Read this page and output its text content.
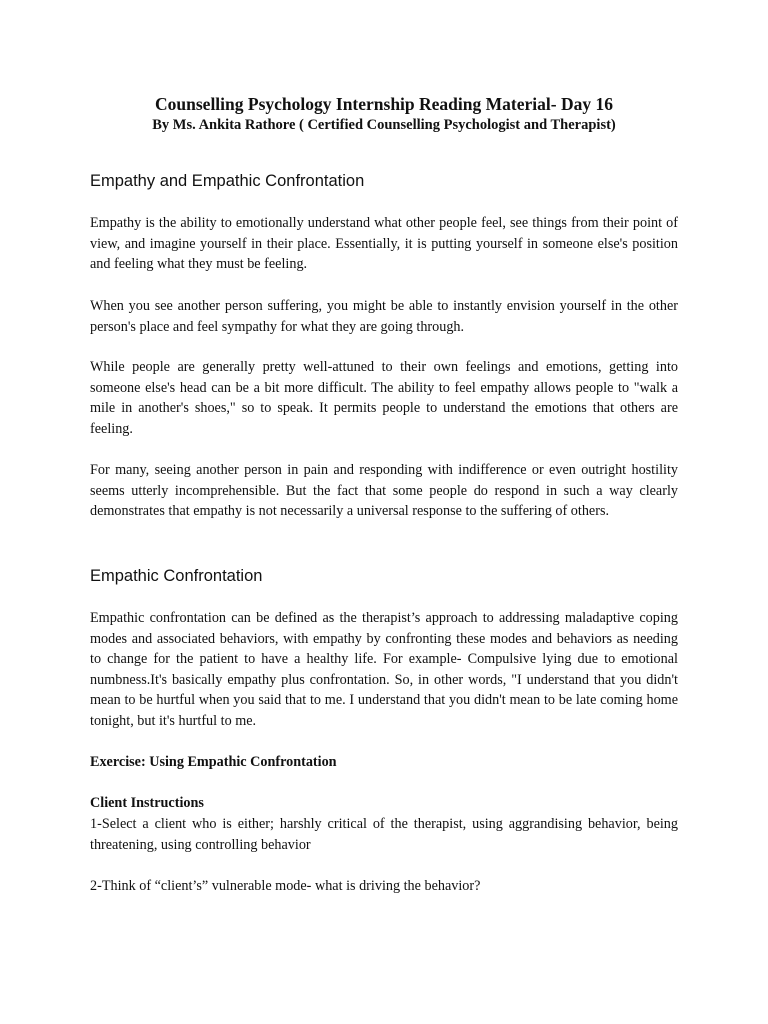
Counselling Psychology Internship Reading Material- Day 16

By Ms. Ankita Rathore ( Certified Counselling Psychologist and Therapist)

Empathy and Empathic Confrontation

Empathy is the ability to emotionally understand what other people feel, see things from their point of view, and imagine yourself in their place. Essentially, it is putting yourself in someone else's position and feeling what they must be feeling.

When you see another person suffering, you might be able to instantly envision yourself in the other person's place and feel sympathy for what they are going through.

While people are generally pretty well-attuned to their own feelings and emotions, getting into someone else's head can be a bit more difficult. The ability to feel empathy allows people to "walk a mile in another's shoes," so to speak. It permits people to understand the emotions that others are feeling.

For many, seeing another person in pain and responding with indifference or even outright hostility seems utterly incomprehensible. But the fact that some people do respond in such a way clearly demonstrates that empathy is not necessarily a universal response to the suffering of others.

Empathic Confrontation

Empathic confrontation can be defined as the therapist’s approach to addressing maladaptive coping modes and associated behaviors, with empathy by confronting these modes and behaviors as needing to change for the patient to have a healthy life. For example- Compulsive lying due to emotional numbness.It's basically empathy plus confrontation. So, in other words, "I understand that you didn't mean to be hurtful when you said that to me. I understand that you didn't mean to be late coming home tonight, but it's hurtful to me.

Exercise: Using Empathic Confrontation

Client Instructions

1-Select a client who is either; harshly critical of the therapist, using aggrandising behavior, being threatening, using controlling behavior

2-Think of “client’s” vulnerable mode- what is driving the behavior?
